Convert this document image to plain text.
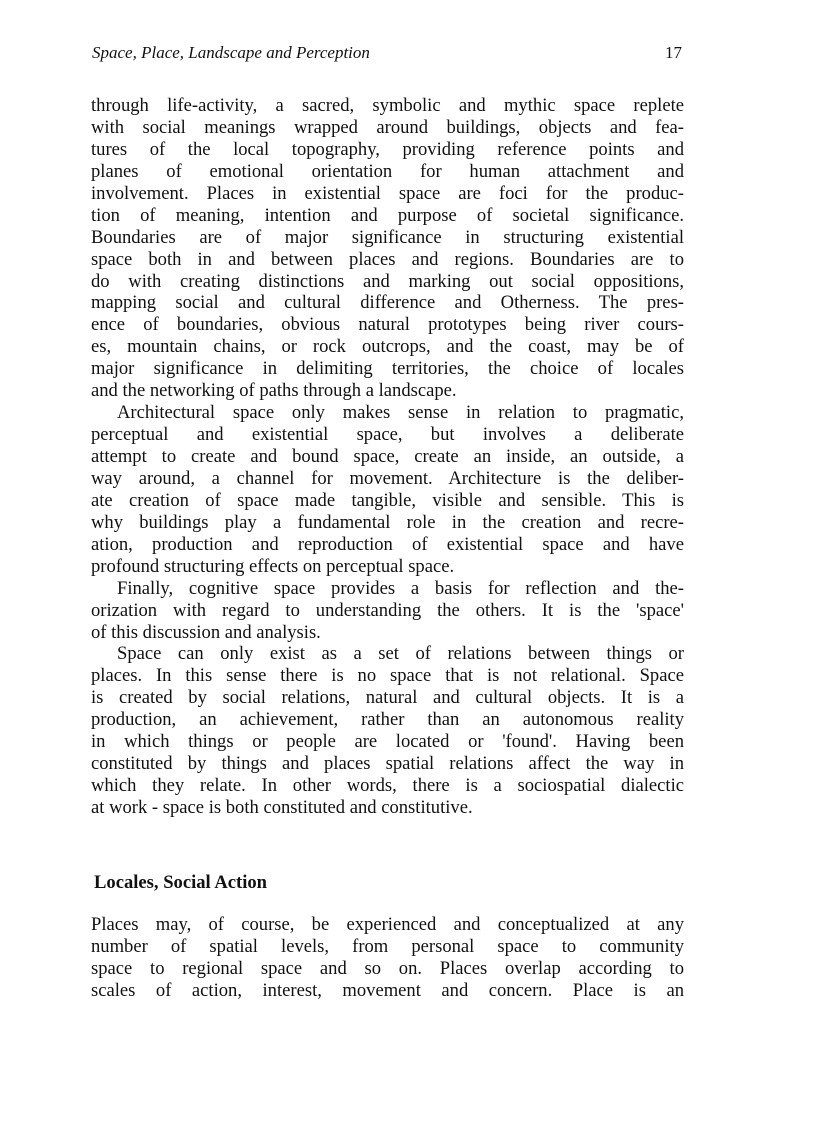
Space, Place, Landscape and Perception	17
through life-activity, a sacred, symbolic and mythic space replete
with social meanings wrapped around buildings, objects and fea-
tures of the local topography, providing reference points and
planes of emotional orientation for human attachment and
involvement. Places in existential space are foci for the produc-
tion of meaning, intention and purpose of societal significance.
Boundaries are of major significance in structuring existential
space both in and between places and regions. Boundaries are to
do with creating distinctions and marking out social oppositions,
mapping social and cultural difference and Otherness. The pres-
ence of boundaries, obvious natural prototypes being river cours-
es, mountain chains, or rock outcrops, and the coast, may be of
major significance in delimiting territories, the choice of locales
and the networking of paths through a landscape.
Architectural space only makes sense in relation to pragmatic,
perceptual and existential space, but involves a deliberate
attempt to create and bound space, create an inside, an outside, a
way around, a channel for movement. Architecture is the deliber-
ate creation of space made tangible, visible and sensible. This is
why buildings play a fundamental role in the creation and recre-
ation, production and reproduction of existential space and have
profound structuring effects on perceptual space.
Finally, cognitive space provides a basis for reflection and the-
orization with regard to understanding the others. It is the 'space'
of this discussion and analysis.
Space can only exist as a set of relations between things or
places. In this sense there is no space that is not relational. Space
is created by social relations, natural and cultural objects. It is a
production, an achievement, rather than an autonomous reality
in which things or people are located or 'found'. Having been
constituted by things and places spatial relations affect the way in
which they relate. In other words, there is a sociospatial dialectic
at work - space is both constituted and constitutive.
Locales, Social Action
Places may, of course, be experienced and conceptualized at any
number of spatial levels, from personal space to community
space to regional space and so on. Places overlap according to
scales of action, interest, movement and concern. Place is an
